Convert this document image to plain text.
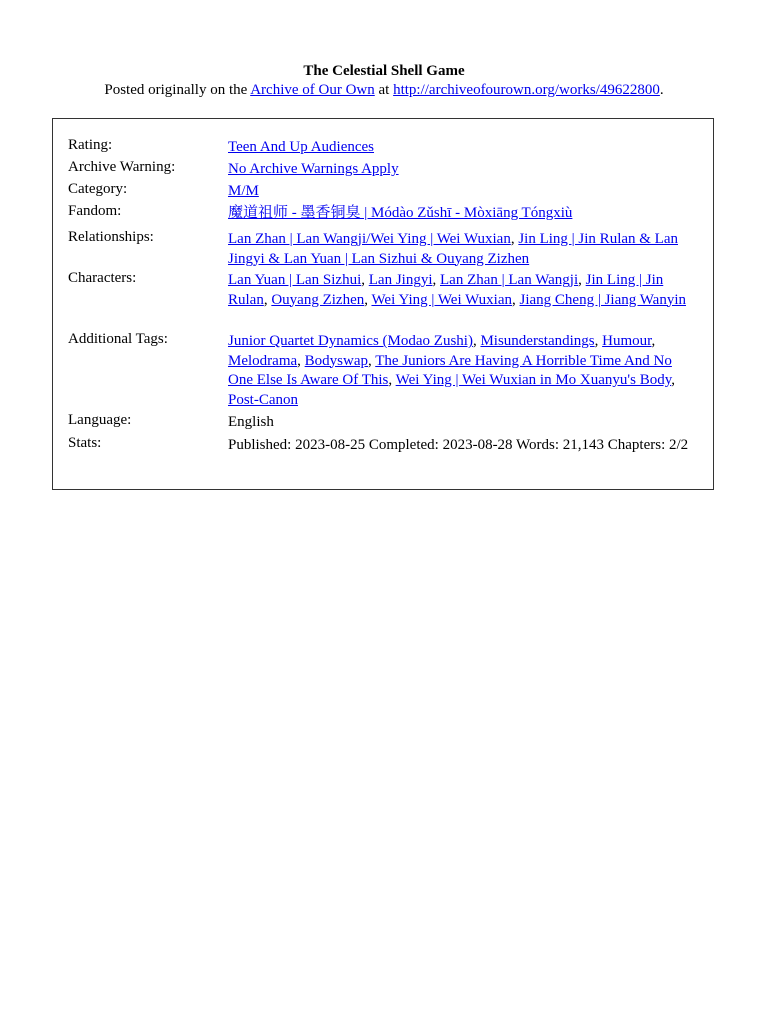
The Celestial Shell Game
Posted originally on the Archive of Our Own at http://archiveofourown.org/works/49622800.
Rating:	Teen And Up Audiences
Archive Warning:	No Archive Warnings Apply
Category:	M/M
Fandom:	魔道祖师 - 墨香铜臭 | Módào Zǔshī - Mòxiāng Tóngxiù
Relationships:	Lan Zhan | Lan Wangji/Wei Ying | Wei Wuxian, Jin Ling | Jin Rulan & Lan Jingyi & Lan Yuan | Lan Sizhui & Ouyang Zizhen
Characters:	Lan Yuan | Lan Sizhui, Lan Jingyi, Lan Zhan | Lan Wangji, Jin Ling | Jin Rulan, Ouyang Zizhen, Wei Ying | Wei Wuxian, Jiang Cheng | Jiang Wanyin
Additional Tags:	Junior Quartet Dynamics (Modao Zushi), Misunderstandings, Humour, Melodrama, Bodyswap, The Juniors Are Having A Horrible Time And No One Else Is Aware Of This, Wei Ying | Wei Wuxian in Mo Xuanyu's Body, Post-Canon
Language:	English
Stats:	Published: 2023-08-25 Completed: 2023-08-28 Words: 21,143 Chapters: 2/2
